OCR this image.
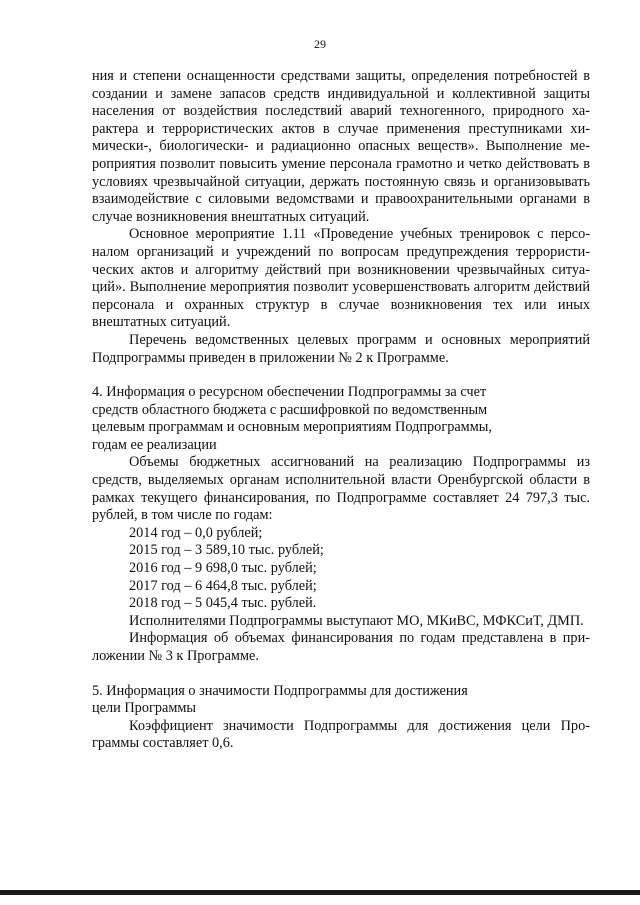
29

ния и степени оснащенности средствами защиты, определения потребностей в создании и замене запасов средств индивидуальной и коллективной защиты населения от воздействия последствий аварий техногенного, природного характера и террористических актов в случае применения преступниками химически-, биологически- и радиационно опасных веществ». Выполнение мероприятия позволит повысить умение персонала грамотно и четко действовать в условиях чрезвычайной ситуации, держать постоянную связь и организовывать взаимодействие с силовыми ведомствами и правоохранительными органами в случае возникновения внештатных ситуаций.

Основное мероприятие 1.11 «Проведение учебных тренировок с персоналом организаций и учреждений по вопросам предупреждения террористических актов и алгоритму действий при возникновении чрезвычайных ситуаций». Выполнение мероприятия позволит усовершенствовать алгоритм действий персонала и охранных структур в случае возникновения тех или иных внештатных ситуаций.

Перечень ведомственных целевых программ и основных мероприятий Подпрограммы приведен в приложении № 2 к Программе.

4. Информация о ресурсном обеспечении Подпрограммы за счет
средств областного бюджета с расшифровкой по ведомственным
целевым программам и основным мероприятиям Подпрограммы,
годам ее реализации

Объемы бюджетных ассигнований на реализацию Подпрограммы из средств, выделяемых органам исполнительной власти Оренбургской области в рамках текущего финансирования, по Подпрограмме составляет 24 797,3 тыс. рублей, в том числе по годам:

2014 год – 0,0 рублей;
2015 год – 3 589,10 тыс. рублей;
2016 год – 9 698,0 тыс. рублей;
2017 год – 6 464,8 тыс. рублей;
2018 год – 5 045,4 тыс. рублей.

Исполнителями Подпрограммы выступают МО, МКиВС, МФКСиТ, ДМП.

Информация об объемах финансирования по годам представлена в приложении № 3 к Программе.

5. Информация о значимости Подпрограммы для достижения
цели Программы

Коэффициент значимости Подпрограммы для достижения цели Программы составляет 0,6.
